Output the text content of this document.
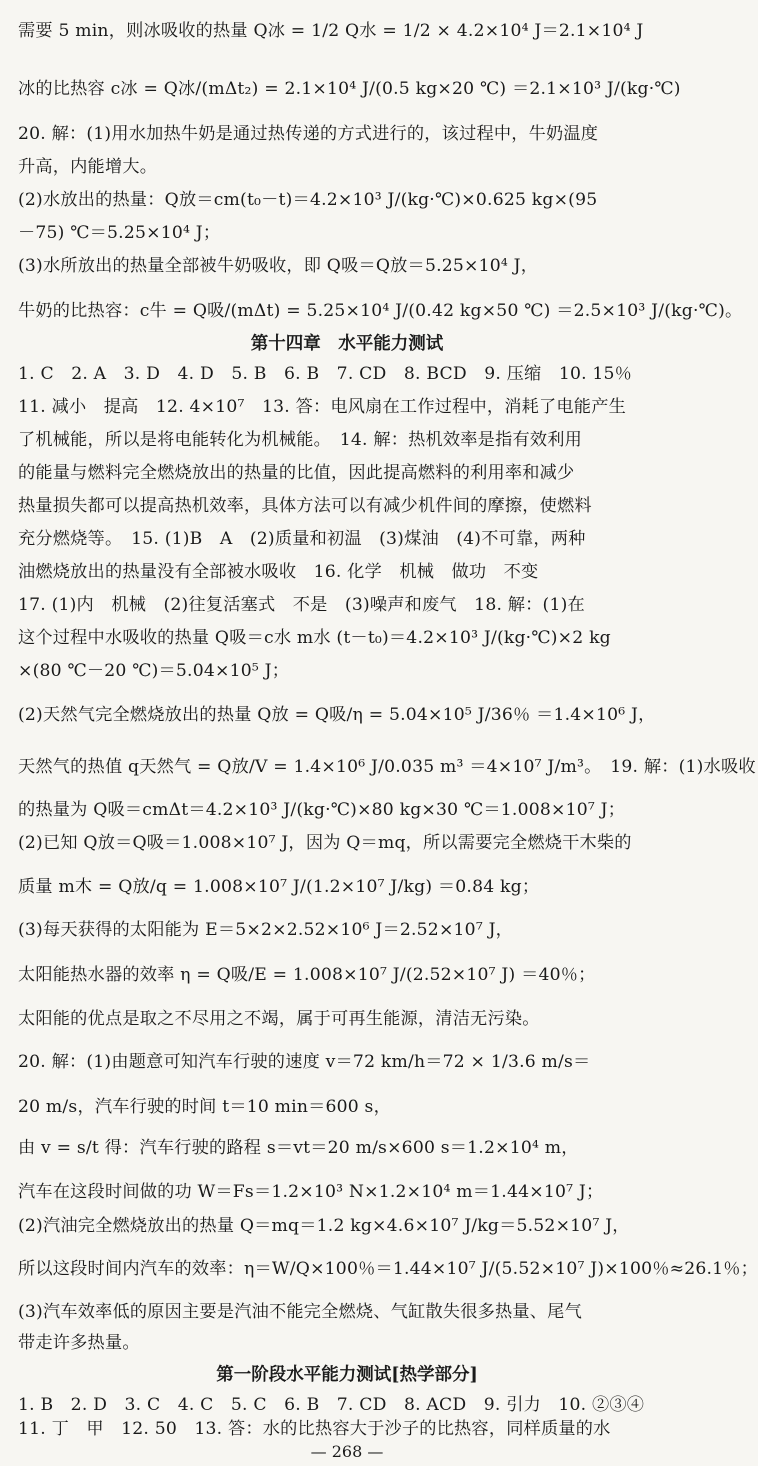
需要 5 min，则冰吸收的热量 Q冰 = 1/2 Q水 = 1/2 × 4.2×10⁴ J＝2.1×10⁴ J
冰的比热容 c冰 = Q冰/(mΔt₂) = 2.1×10⁴ J/(0.5 kg×20 ℃) ＝2.1×10³ J/(kg·℃)
20. 解：(1)用水加热牛奶是通过热传递的方式进行的，该过程中，牛奶温度
升高，内能增大。
(2)水放出的热量：Q放＝cm(t₀－t)＝4.2×10³ J/(kg·℃)×0.625 kg×(95
－75) ℃＝5.25×10⁴ J；
(3)水所放出的热量全部被牛奶吸收，即 Q吸＝Q放＝5.25×10⁴ J，
牛奶的比热容：c牛 = Q吸/(mΔt) = 5.25×10⁴ J/(0.42 kg×50 ℃) ＝2.5×10³ J/(kg·℃)。
第十四章　水平能力测试
1. C　2. A　3. D　4. D　5. B　6. B　7. CD　8. BCD　9. 压缩　10. 15％
11. 减小　提高　12. 4×10⁷　13. 答：电风扇在工作过程中，消耗了电能产生
了机械能，所以是将电能转化为机械能。　14. 解：热机效率是指有效利用
的能量与燃料完全燃烧放出的热量的比值，因此提高燃料的利用率和减少
热量损失都可以提高热机效率，具体方法可以有减少机件间的摩擦，使燃料
充分燃烧等。　15. (1)B　A　(2)质量和初温　(3)煤油　(4)不可靠，两种
油燃烧放出的热量没有全部被水吸收　16. 化学　机械　做功　不变
17. (1)内　机械　(2)往复活塞式　不是　(3)噪声和废气　18. 解：(1)在
这个过程中水吸收的热量 Q吸＝c水 m水 (t－t₀)＝4.2×10³ J/(kg·℃)×2 kg
×(80 ℃－20 ℃)＝5.04×10⁵ J；
(2)天然气完全燃烧放出的热量 Q放 = Q吸/η = 5.04×10⁵ J/36％ ＝1.4×10⁶ J，
天然气的热值 q天然气 = Q放/V = 1.4×10⁶ J/0.035 m³ ＝4×10⁷ J/m³。　19. 解：(1)水吸收
的热量为 Q吸＝cmΔt＝4.2×10³ J/(kg·℃)×80 kg×30 ℃＝1.008×10⁷ J；
(2)已知 Q放＝Q吸＝1.008×10⁷ J，因为 Q＝mq，所以需要完全燃烧干木柴的
质量 m木 = Q放/q = 1.008×10⁷ J/(1.2×10⁷ J/kg) ＝0.84 kg；
(3)每天获得的太阳能为 E＝5×2×2.52×10⁶ J＝2.52×10⁷ J，
太阳能热水器的效率 η = Q吸/E = 1.008×10⁷ J/(2.52×10⁷ J) ＝40％；
太阳能的优点是取之不尽用之不竭，属于可再生能源，清洁无污染。
20. 解：(1)由题意可知汽车行驶的速度 v＝72 km/h＝72 × 1/3.6 m/s＝
20 m/s，汽车行驶的时间 t＝10 min＝600 s，
由 v = s/t 得：汽车行驶的路程 s＝vt＝20 m/s×600 s＝1.2×10⁴ m，
汽车在这段时间做的功 W＝Fs＝1.2×10³ N×1.2×10⁴ m＝1.44×10⁷ J；
(2)汽油完全燃烧放出的热量 Q＝mq＝1.2 kg×4.6×10⁷ J/kg＝5.52×10⁷ J，
所以这段时间内汽车的效率：η＝W/Q×100％＝1.44×10⁷ J/(5.52×10⁷ J)×100％≈26.1％；
(3)汽车效率低的原因主要是汽油不能完全燃烧、气缸散失很多热量、尾气
带走许多热量。
第一阶段水平能力测试[热学部分]
1. B　2. D　3. C　4. C　5. C　6. B　7. CD　8. ACD　9. 引力　10. ②③④
11. 丁　甲　12. 50　13. 答：水的比热容大于沙子的比热容，同样质量的水
— 268 —
